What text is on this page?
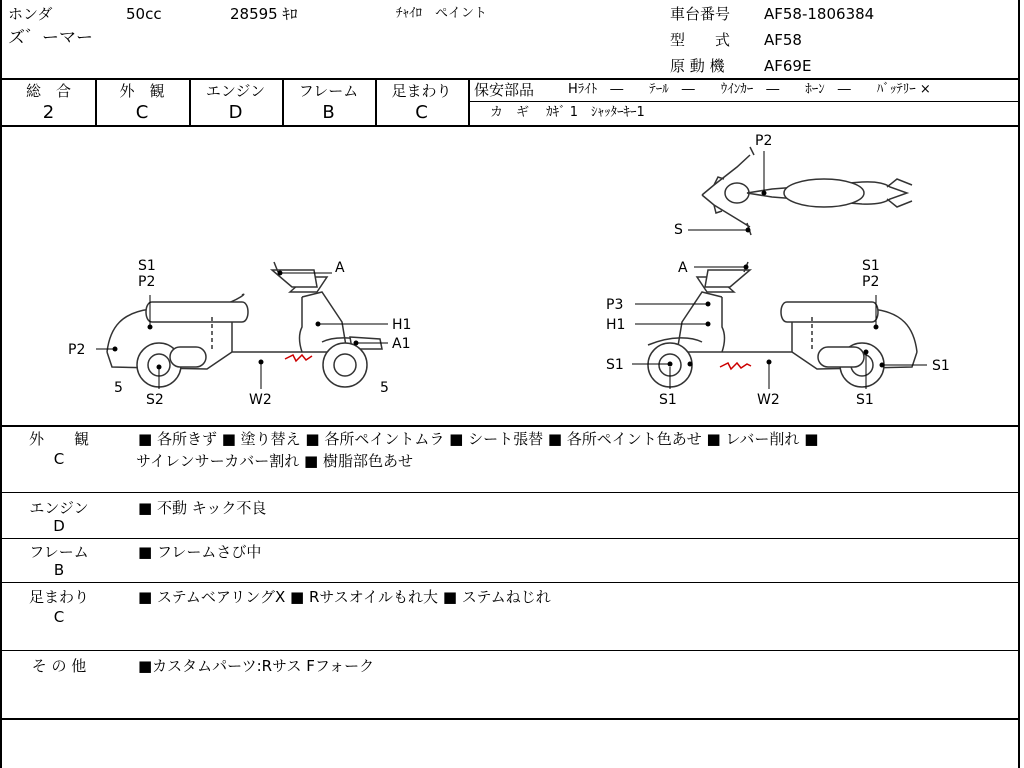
ホンダ	50cc	28595 ｷﾛ	ﾁｬｲﾛ　ペイント
ズ゛ーマー
車台番号 AF58-1806384
型　　式 AF58
原 動 機	AF69E
総　合
2
外　観
C
エンジン
D
フレーム
B
足まわり
C
保安部品	Hﾗｲﾄ　―　　ﾃｰﾙ　―　　ｳｲﾝｶｰ　―　　ﾎｰﾝ　―　　ﾊﾞｯﾃﾘｰ ×
カ　ギ　 ｶｷﾞ 1　ｼｬｯﾀｰｷｰ1
S1
P2
A
H1
A1
P2
5	5
S2	W2
P2
S
A	S1
P2
P3
H1
S1	S1
S1	W2	S1
外　　観
C
■ 各所きず ■ 塗り替え ■ 各所ペイントムラ ■ シート張替 ■ 各所ペイント色あせ ■ レバー削れ ■
サイレンサーカバー割れ ■ 樹脂部色あせ
エンジン
D
■ 不動 キック不良
フレーム
B
■ フレームさび中
足まわり
C
■ ステムベアリングX ■ Rサスオイルもれ大 ■ ステムねじれ
そ の 他	■カスタムパーツ:Rサス Fフォーク
